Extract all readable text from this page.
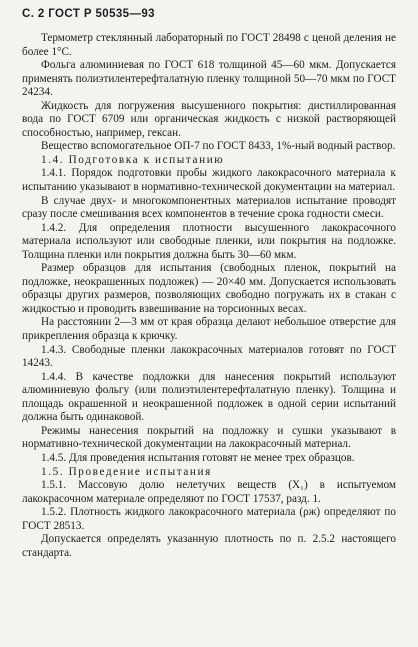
С. 2 ГОСТ Р 50535—93

Термометр стеклянный лабораторный по ГОСТ 28498 с ценой деления не более 1°С.

Фольга алюминиевая по ГОСТ 618 толщиной 45—60 мкм. Допускается применять полиэтилентерефталатную пленку толщиной 50—70 мкм по ГОСТ 24234.

Жидкость для погружения высушенного покрытия: дистиллированная вода по ГОСТ 6709 или органическая жидкость с низкой растворяющей способностью, например, гексан.

Вещество вспомогательное ОП-7 по ГОСТ 8433, 1%-ный водный раствор.

1.4. Подготовка к испытанию

1.4.1. Порядок подготовки пробы жидкого лакокрасочного материала к испытанию указывают в нормативно-технической документации на материал.

В случае двух- и многокомпонентных материалов испытание проводят сразу после смешивания всех компонентов в течение срока годности смеси.

1.4.2. Для определения плотности высушенного лакокрасочного материала используют или свободные пленки, или покрытия на подложке. Толщина пленки или покрытия должна быть 30—60 мкм.

Размер образцов для испытания (свободных пленок, покрытий на подложке, неокрашенных подложек) — 20×40 мм. Допускается использовать образцы других размеров, позволяющих свободно погружать их в стакан с жидкостью и проводить взвешивание на торсионных весах.

На расстоянии 2—3 мм от края образца делают небольшое отверстие для прикрепления образца к крючку.

1.4.3. Свободные пленки лакокрасочных материалов готовят по ГОСТ 14243.

1.4.4. В качестве подложки для нанесения покрытий используют алюминиевую фольгу (или полиэтилентерефталатную пленку). Толщина и площадь окрашенной и неокрашенной подложек в одной серии испытаний должна быть одинаковой.

Режимы нанесения покрытий на подложку и сушки указывают в нормативно-технической документации на лакокрасочный материал.

1.4.5. Для проведения испытания готовят не менее трех образцов.

1.5. Проведение испытания

1.5.1. Массовую долю нелетучих веществ (X₁) в испытуемом лакокрасочном материале определяют по ГОСТ 17537, разд. 1.

1.5.2. Плотность жидкого лакокрасочного материала (ρж) определяют по ГОСТ 28513.

Допускается определять указанную плотность по п. 2.5.2 настоящего стандарта.
